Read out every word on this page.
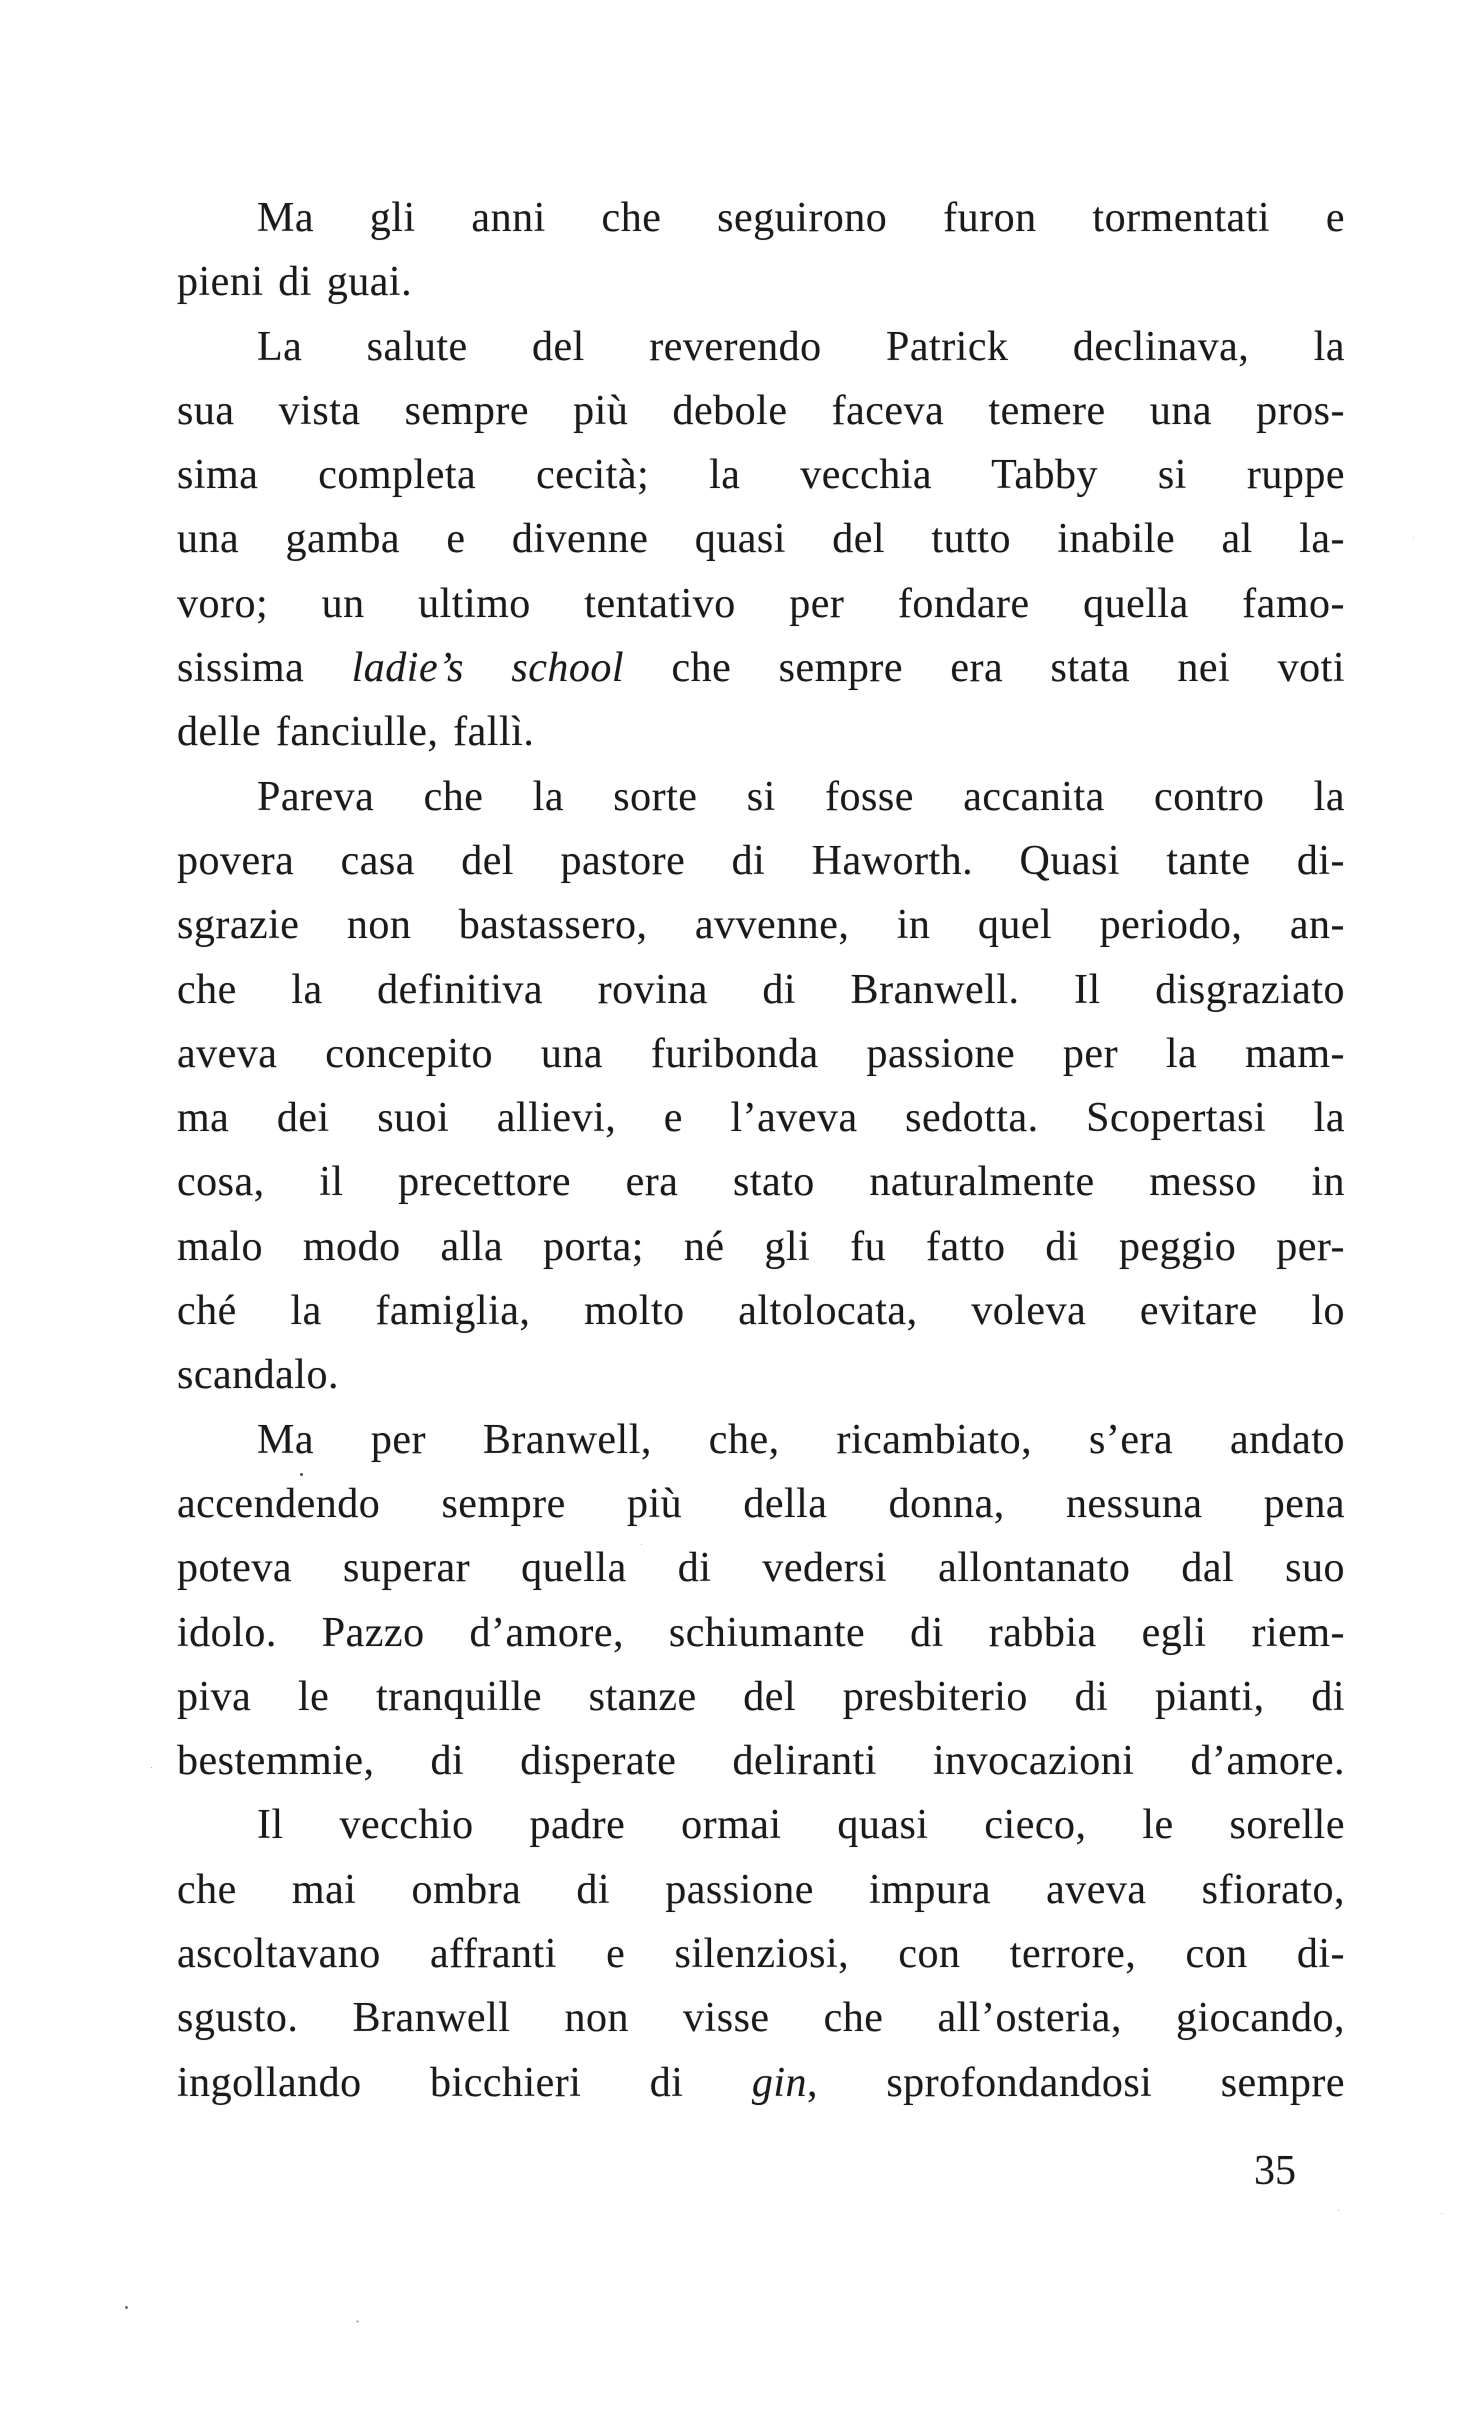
Ma gli anni che seguirono furon tormentati e
pieni di guai.
La salute del reverendo Patrick declinava, la
sua vista sempre più debole faceva temere una pros-
sima completa cecità; la vecchia Tabby si ruppe
una gamba e divenne quasi del tutto inabile al la-
voro; un ultimo tentativo per fondare quella famo-
sissima ladie’s school che sempre era stata nei voti
delle fanciulle, fallì.
Pareva che la sorte si fosse accanita contro la
povera casa del pastore di Haworth. Quasi tante di-
sgrazie non bastassero, avvenne, in quel periodo, an-
che la definitiva rovina di Branwell. Il disgraziato
aveva concepito una furibonda passione per la mam-
ma dei suoi allievi, e l’aveva sedotta. Scopertasi la
cosa, il precettore era stato naturalmente messo in
malo modo alla porta; né gli fu fatto di peggio per-
ché la famiglia, molto altolocata, voleva evitare lo
scandalo.
Ma per Branwell, che, ricambiato, s’era andato
accendendo sempre più della donna, nessuna pena
poteva superar quella di vedersi allontanato dal suo
idolo. Pazzo d’amore, schiumante di rabbia egli riem-
piva le tranquille stanze del presbiterio di pianti, di
bestemmie, di disperate deliranti invocazioni d’amore.
Il vecchio padre ormai quasi cieco, le sorelle
che mai ombra di passione impura aveva sfiorato,
ascoltavano affranti e silenziosi, con terrore, con di-
sgusto. Branwell non visse che all’osteria, giocando,
ingollando bicchieri di gin, sprofondandosi sempre
35
